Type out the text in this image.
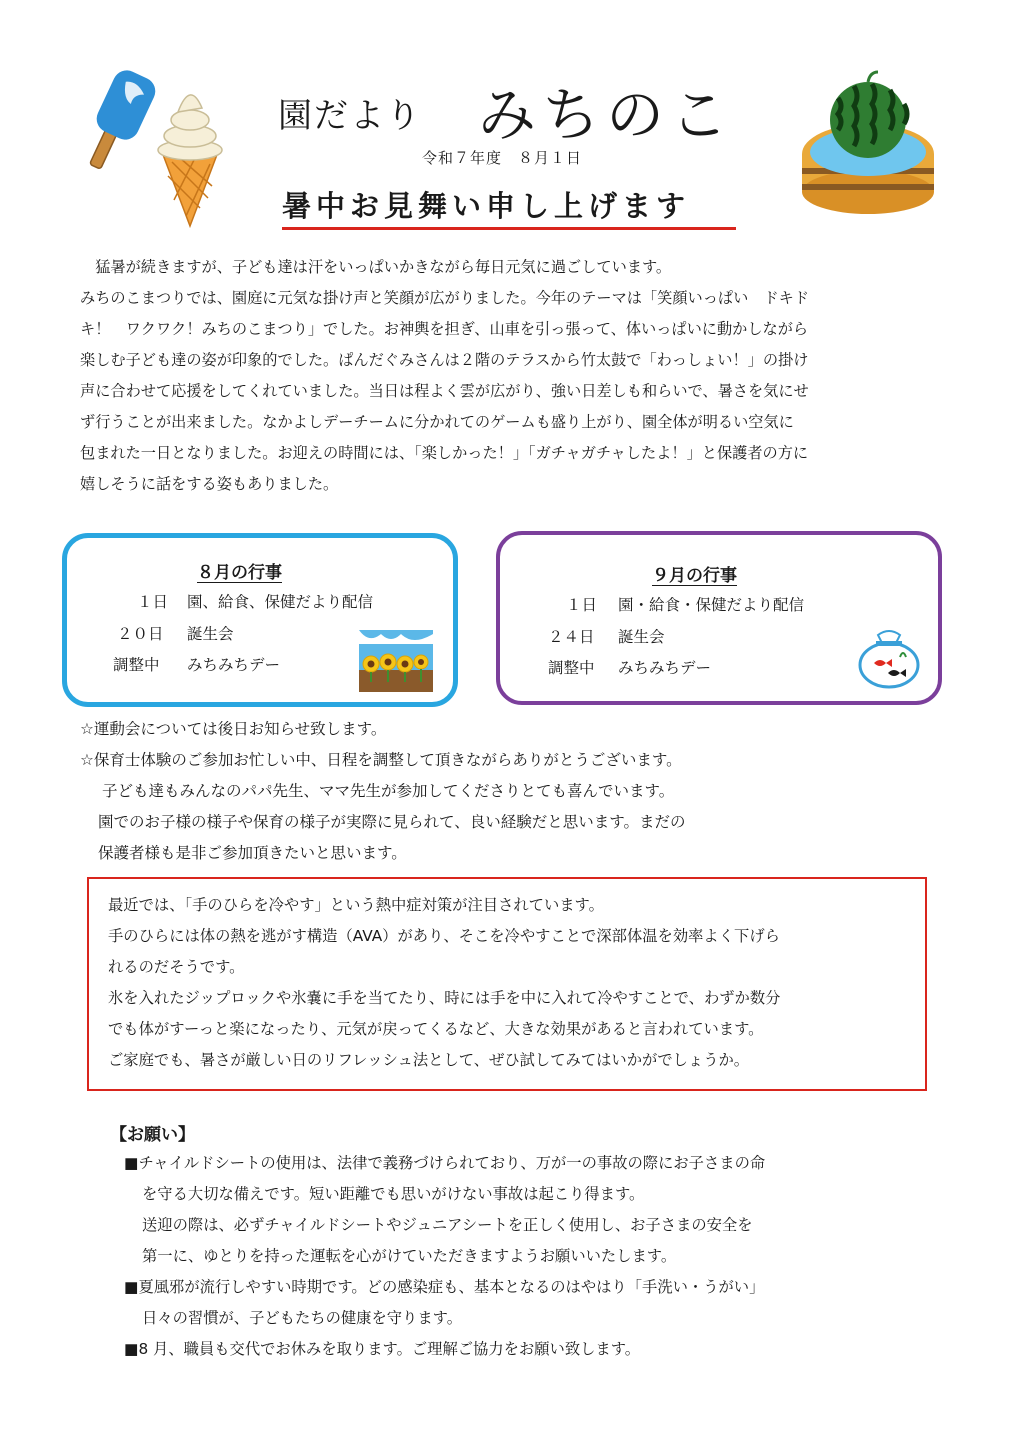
園だより みちのこ
令和７年度　８月１日
暑中お見舞い申し上げます

猛暑が続きますが、子ども達は汗をいっぱいかきながら毎日元気に過ごしています。

みちのこまつりでは、園庭に元気な掛け声と笑顔が広がりました。今年のテーマは「笑顔いっぱい　ドキド

キ！　ワクワク！みちのこまつり」でした。お神輿を担ぎ、山車を引っ張って、体いっぱいに動かしながら

楽しむ子ども達の姿が印象的でした。ぱんだぐみさんは２階のテラスから竹太鼓で「わっしょい！」の掛け

声に合わせて応援をしてくれていました。当日は程よく雲が広がり、強い日差しも和らいで、暑さを気にせ

ず行うことが出来ました。なかよしデーチームに分かれてのゲームも盛り上がり、園全体が明るい空気に

包まれた一日となりました。お迎えの時間には、「楽しかった！」「ガチャガチャしたよ！」と保護者の方に

嬉しそうに話をする姿もありました。

８月の行事
１日 園、給食、保健だより配信
２０日 誕生会
調整中 みちみちデー
９月の行事
１日 園・給食・保健だより配信
２４日 誕生会
調整中 みちみちデー

☆運動会については後日お知らせ致します。

☆保育士体験のご参加お忙しい中、日程を調整して頂きながらありがとうございます。

子ども達もみんなのパパ先生、ママ先生が参加してくださりとても喜んでいます。

園でのお子様の様子や保育の様子が実際に見られて、良い経験だと思います。まだの

保護者様も是非ご参加頂きたいと思います。

最近では、「手のひらを冷やす」という熱中症対策が注目されています。

手のひらには体の熱を逃がす構造（AVA）があり、そこを冷やすことで深部体温を効率よく下げら

れるのだそうです。

氷を入れたジップロックや氷嚢に手を当てたり、時には手を中に入れて冷やすことで、わずか数分

でも体がすーっと楽になったり、元気が戻ってくるなど、大きな効果があると言われています。

ご家庭でも、暑さが厳しい日のリフレッシュ法として、ぜひ試してみてはいかがでしょうか。

【お願い】

■チャイルドシートの使用は、法律で義務づけられており、万が一の事故の際にお子さまの命

を守る大切な備えです。短い距離でも思いがけない事故は起こり得ます。

送迎の際は、必ずチャイルドシートやジュニアシートを正しく使用し、お子さまの安全を

第一に、ゆとりを持った運転を心がけていただきますようお願いいたします。

■夏風邪が流行しやすい時期です。どの感染症も、基本となるのはやはり「手洗い・うがい」

日々の習慣が、子どもたちの健康を守ります。

■8 月、職員も交代でお休みを取ります。ご理解ご協力をお願い致します。
